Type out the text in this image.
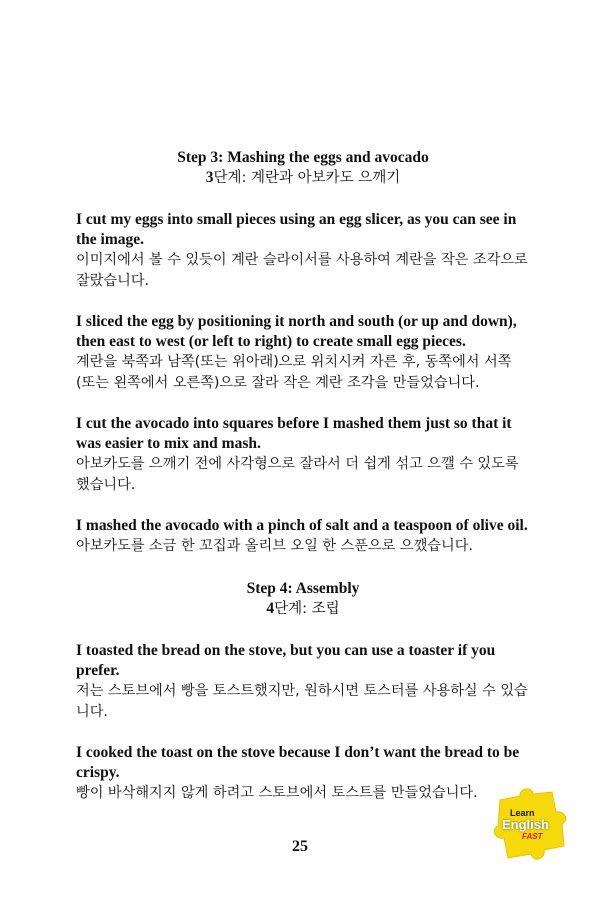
Step 3: Mashing the eggs and avocado
3단계: 계란과 아보카도 으깨기
I cut my eggs into small pieces using an egg slicer, as you can see in the image.
이미지에서 볼 수 있듯이 계란 슬라이서를 사용하여 계란을 작은 조각으로 잘랐습니다.
I sliced the egg by positioning it north and south (or up and down), then east to west (or left to right) to create small egg pieces.
계란을 북쪽과 남쪽(또는 위아래)으로 위치시켜 자른 후, 동쪽에서 서쪽(또는 왼쪽에서 오른쪽)으로 잘라 작은 계란 조각을 만들었습니다.
I cut the avocado into squares before I mashed them just so that it was easier to mix and mash.
아보카도를 으깨기 전에 사각형으로 잘라서 더 쉽게 섞고 으깰 수 있도록 했습니다.
I mashed the avocado with a pinch of salt and a teaspoon of olive oil.
아보카도를 소금 한 꼬집과 올리브 오일 한 스푼으로 으깼습니다.
Step 4: Assembly
4단계: 조립
I toasted the bread on the stove, but you can use a toaster if you prefer.
저는 스토브에서 빵을 토스트했지만, 원하시면 토스터를 사용하실 수 있습니다.
I cooked the toast on the stove because I don’t want the bread to be crispy.
빵이 바삭해지지 않게 하려고 스토브에서 토스트를 만들었습니다.
Learn
English
FAST
25
